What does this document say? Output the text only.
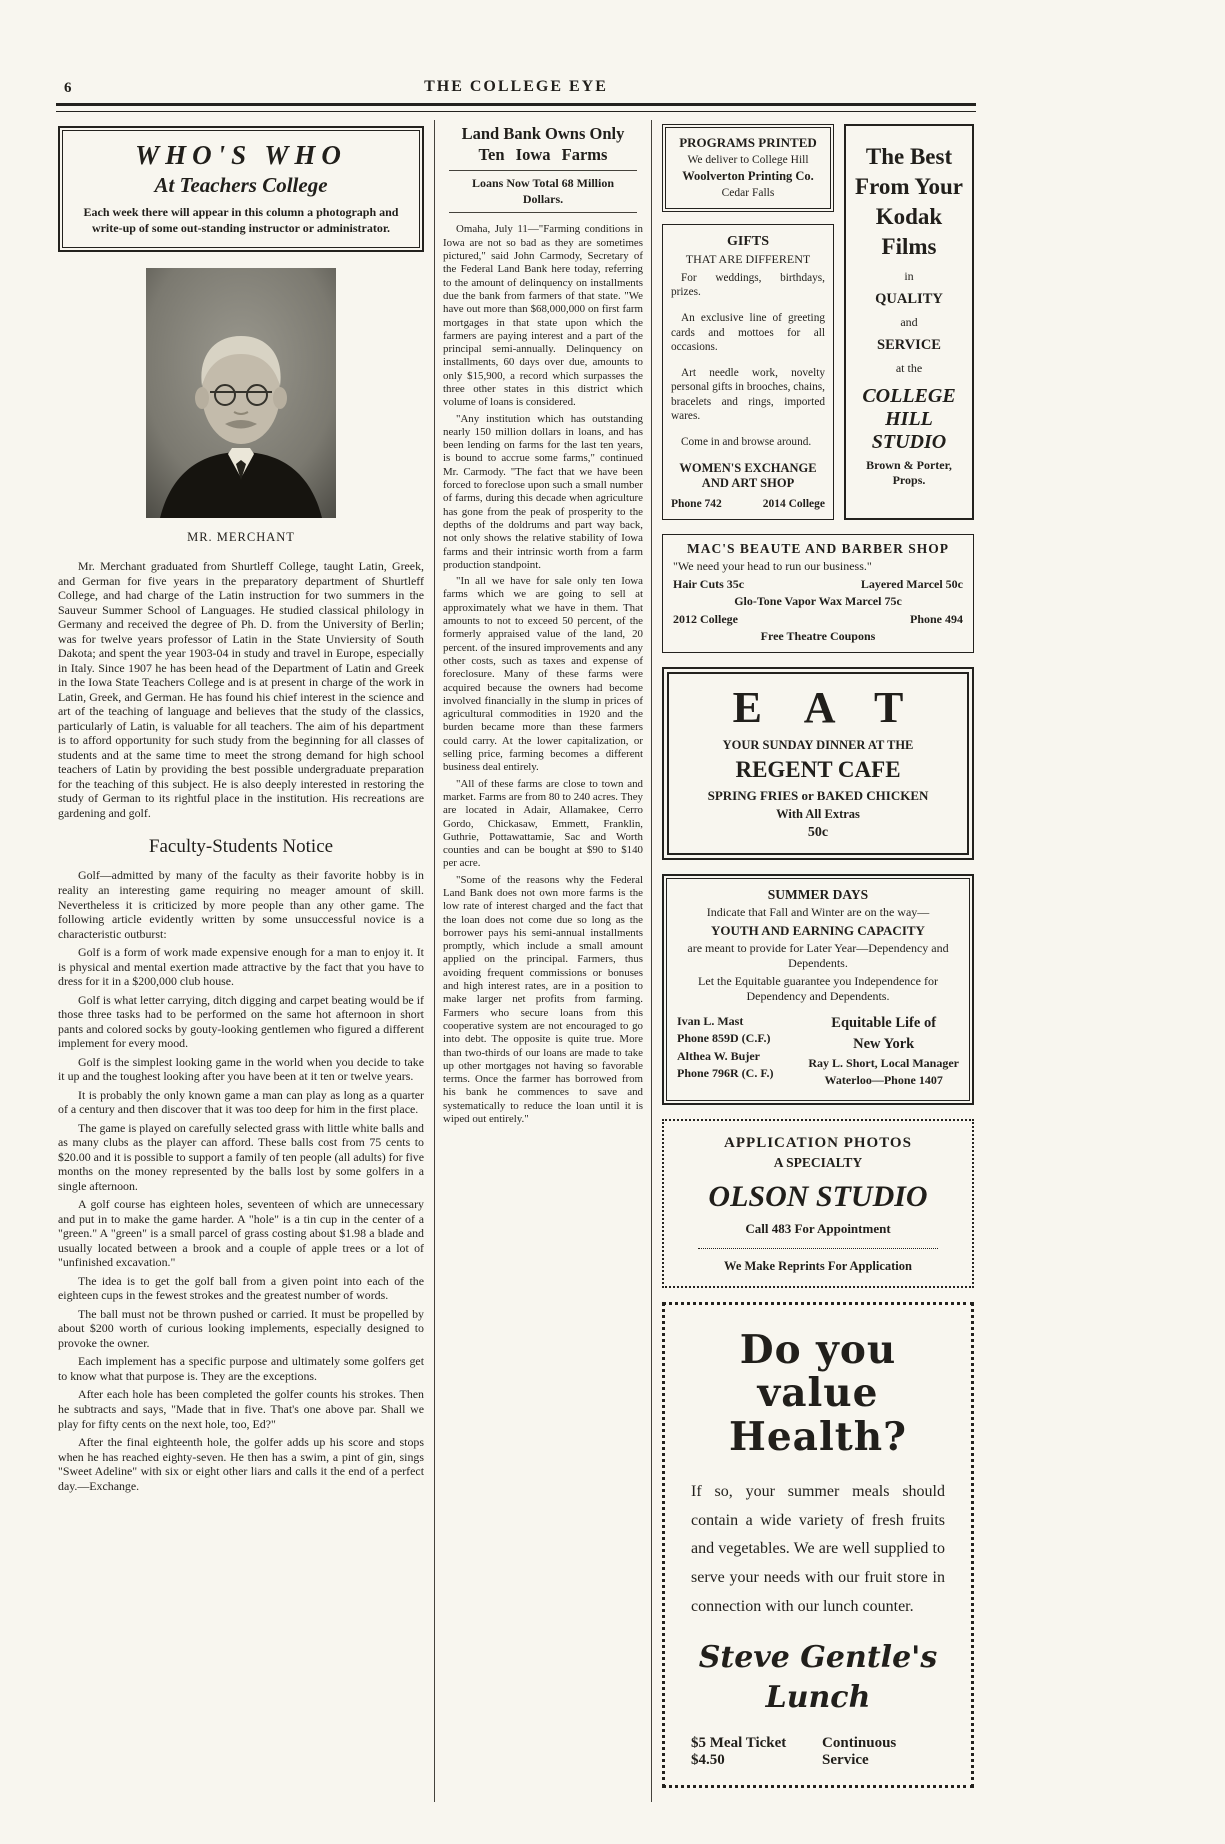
6	THE COLLEGE EYE
WHO'S WHO
At Teachers College
Each week there will appear in this column a photograph and write-up of some out-standing instructor or administrator.
MR. MERCHANT

Mr. Merchant graduated from Shurtleff College, taught Latin, Greek, and German for five years in the preparatory department of Shurtleff College, and had charge of the Latin instruction for two summers in the Sauveur Summer School of Languages. He studied classical philology in Germany and received the degree of Ph. D. from the University of Berlin; was for twelve years professor of Latin in the State Unviersity of South Dakota; and spent the year 1903-04 in study and travel in Europe, especially in Italy. Since 1907 he has been head of the Department of Latin and Greek in the Iowa State Teachers College and is at present in charge of the work in Latin, Greek, and German. He has found his chief interest in the science and art of the teaching of language and believes that the study of the classics, particularly of Latin, is valuable for all teachers. The aim of his department is to afford opportunity for such study from the beginning for all classes of students and at the same time to meet the strong demand for high school teachers of Latin by providing the best possible undergraduate preparation for the teaching of this subject. He is also deeply interested in restoring the study of German to its rightful place in the institution. His recreations are gardening and golf.

Faculty-Students Notice

Golf—admitted by many of the faculty as their favorite hobby is in reality an interesting game requiring no meager amount of skill. Nevertheless it is criticized by more people than any other game. The following article evidently written by some unsuccessful novice is a characteristic outburst:

Golf is a form of work made expensive enough for a man to enjoy it. It is physical and mental exertion made attractive by the fact that you have to dress for it in a $200,000 club house.

Golf is what letter carrying, ditch digging and carpet beating would be if those three tasks had to be performed on the same hot afternoon in short pants and colored socks by gouty-looking gentlemen who figured a different implement for every mood.

Golf is the simplest looking game in the world when you decide to take it up and the toughest looking after you have been at it ten or twelve years.

It is probably the only known game a man can play as long as a quarter of a century and then discover that it was too deep for him in the first place.

The game is played on carefully selected grass with little white balls and as many clubs as the player can afford. These balls cost from 75 cents to $20.00 and it is possible to support a family of ten people (all adults) for five months on the money represented by the balls lost by some golfers in a single afternoon.

A golf course has eighteen holes, seventeen of which are unnecessary and put in to make the game harder. A "hole" is a tin cup in the center of a "green." A "green" is a small parcel of grass costing about $1.98 a blade and usually located between a brook and a couple of apple trees or a lot of "unfinished excavation."

The idea is to get the golf ball from a given point into each of the eighteen cups in the fewest strokes and the greatest number of words.

The ball must not be thrown pushed or carried. It must be propelled by about $200 worth of curious looking implements, especially designed to provoke the owner.

Each implement has a specific purpose and ultimately some golfers get to know what that purpose is. They are the exceptions.

After each hole has been completed the golfer counts his strokes. Then he subtracts and says, "Made that in five. That's one above par. Shall we play for fifty cents on the next hole, too, Ed?"

After the final eighteenth hole, the golfer adds up his score and stops when he has reached eighty-seven. He then has a swim, a pint of gin, sings "Sweet Adeline" with six or eight other liars and calls it the end of a perfect day.—Exchange.

Land Bank Owns Only
Ten Iowa Farms
Loans Now Total 68 Million Dollars.

Omaha, July 11—"Farming conditions in Iowa are not so bad as they are sometimes pictured," said John Carmody, Secretary of the Federal Land Bank here today, referring to the amount of delinquency on installments due the bank from farmers of that state. "We have out more than $68,000,000 on first farm mortgages in that state upon which the farmers are paying interest and a part of the principal semi-annually. Delinquency on installments, 60 days over due, amounts to only $15,900, a record which surpasses the three other states in this district which volume of loans is considered.

"Any institution which has outstanding nearly 150 million dollars in loans, and has been lending on farms for the last ten years, is bound to accrue some farms," continued Mr. Carmody. "The fact that we have been forced to foreclose upon such a small number of farms, during this decade when agriculture has gone from the peak of prosperity to the depths of the doldrums and part way back, not only shows the relative stability of Iowa farms and their intrinsic worth from a farm production standpoint.

"In all we have for sale only ten Iowa farms which we are going to sell at approximately what we have in them. That amounts to not to exceed 50 percent, of the formerly appraised value of the land, 20 percent. of the insured improvements and any other costs, such as taxes and expense of foreclosure. Many of these farms were acquired because the owners had become involved financially in the slump in prices of agricultural commodities in 1920 and the burden became more than these farmers could carry. At the lower capitalization, or selling price, farming becomes a different business deal entirely.

"All of these farms are close to town and market. Farms are from 80 to 240 acres. They are located in Adair, Allamakee, Cerro Gordo, Chickasaw, Emmett, Franklin, Guthrie, Pottawattamie, Sac and Worth counties and can be bought at $90 to $140 per acre.

"Some of the reasons why the Federal Land Bank does not own more farms is the low rate of interest charged and the fact that the loan does not come due so long as the borrower pays his semi-annual installments promptly, which include a small amount applied on the principal. Farmers, thus avoiding frequent commissions or bonuses and high interest rates, are in a position to make larger net profits from farming. Farmers who secure loans from this cooperative system are not encouraged to go into debt. The opposite is quite true. More than two-thirds of our loans are made to take up other mortgages not having so favorable terms. Once the farmer has borrowed from his bank he commences to save and systematically to reduce the loan until it is wiped out entirely."

PROGRAMS PRINTED
We deliver to College Hill
Woolverton Printing Co.
Cedar Falls
GIFTS
THAT ARE DIFFERENT

For weddings, birthdays, prizes.

An exclusive line of greeting cards and mottoes for all occasions.

Art needle work, novelty personal gifts in brooches, chains, bracelets and rings, imported wares.

Come in and browse around.

WOMEN'S EXCHANGE
AND ART SHOP
Phone 742	2014 College
The Best
From Your
Kodak Films
in
QUALITY
and
SERVICE
at the
COLLEGE HILL
STUDIO
Brown & Porter, Props.
MAC'S BEAUTE AND BARBER SHOP
"We need your head to run our business."
Hair Cuts 35c	Layered Marcel 50c
Glo-Tone Vapor Wax Marcel 75c
2012 College	Phone 494
Free Theatre Coupons
EAT
YOUR SUNDAY DINNER AT THE
REGENT CAFE
SPRING FRIES or BAKED CHICKEN
With All Extras
50c
SUMMER DAYS
Indicate that Fall and Winter are on the way—
YOUTH AND EARNING CAPACITY
are meant to provide for Later Year—Dependency and Dependents.
Let the Equitable guarantee you Independence for Dependency and Dependents.
Ivan L. Mast
Phone 859D (C.F.)
Althea W. Bujer
Phone 796R (C. F.)
Equitable Life of
New York
Ray L. Short, Local Manager
Waterloo—Phone 1407
APPLICATION PHOTOS
A SPECIALTY
OLSON STUDIO
Call 483 For Appointment
We Make Reprints For Application
Do you value
Health?

If so, your summer meals should contain a wide variety of fresh fruits and vegetables. We are well supplied to serve your needs with our fruit store in connection with our lunch counter.

Steve Gentle's
Lunch
$5 Meal Ticket $4.50
Continuous Service
